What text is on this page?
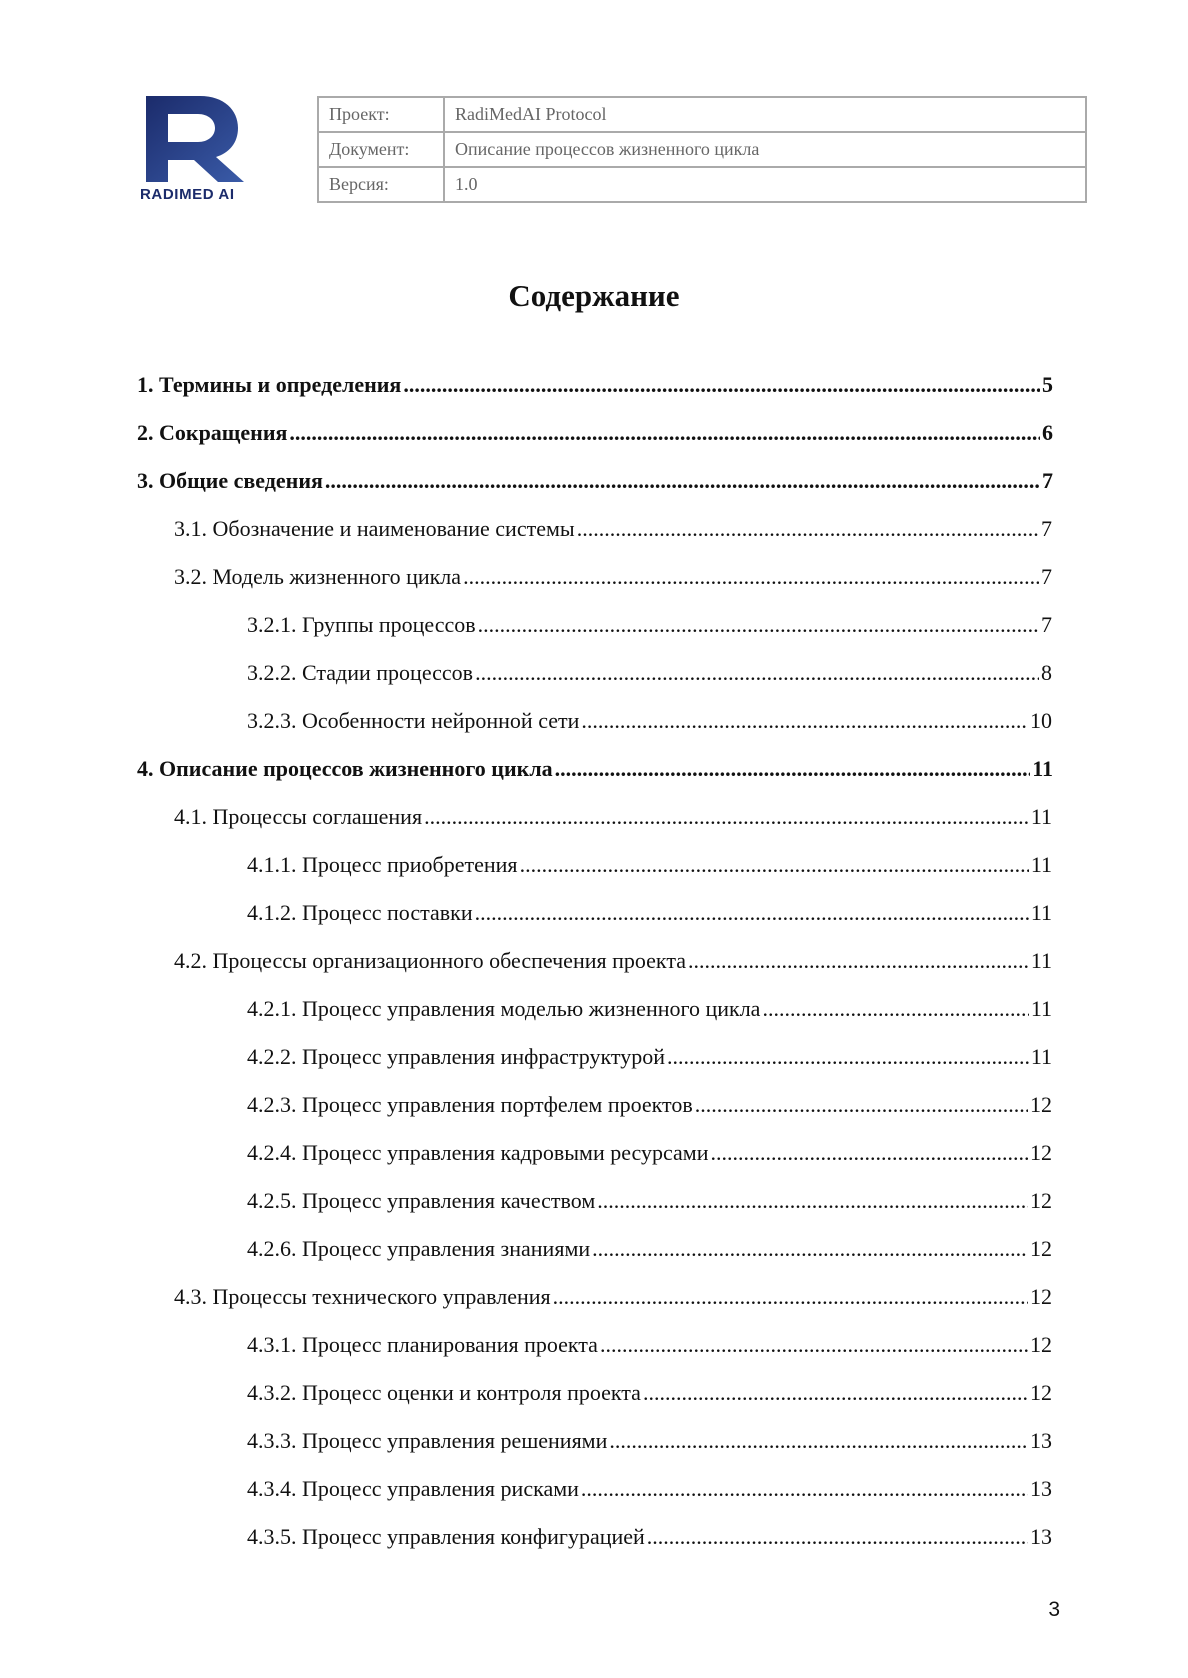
RADIMED AI
Проект:	RadiMedAI Protocol
Документ:	Описание процессов жизненного цикла
Версия:	1.0
Содержание
1. Термины и определения .....	5
2. Сокращения .....	6
3. Общие сведения .....	7
3.1. Обозначение и наименование системы .....	7
3.2. Модель жизненного цикла .....	7
3.2.1. Группы процессов .....	7
3.2.2. Стадии процессов .....	8
3.2.3. Особенности нейронной сети .....	10
4. Описание процессов жизненного цикла .....	11
4.1. Процессы соглашения .....	11
4.1.1. Процесс приобретения .....	11
4.1.2. Процесс поставки .....	11
4.2. Процессы организационного обеспечения проекта .....	11
4.2.1. Процесс управления моделью жизненного цикла .....	11
4.2.2. Процесс управления инфраструктурой .....	11
4.2.3. Процесс управления портфелем проектов .....	12
4.2.4. Процесс управления кадровыми ресурсами .....	12
4.2.5. Процесс управления качеством .....	12
4.2.6. Процесс управления знаниями .....	12
4.3. Процессы технического управления .....	12
4.3.1. Процесс планирования проекта .....	12
4.3.2. Процесс оценки и контроля проекта .....	12
4.3.3. Процесс управления решениями .....	13
4.3.4. Процесс управления рисками .....	13
4.3.5. Процесс управления конфигурацией .....	13
3
